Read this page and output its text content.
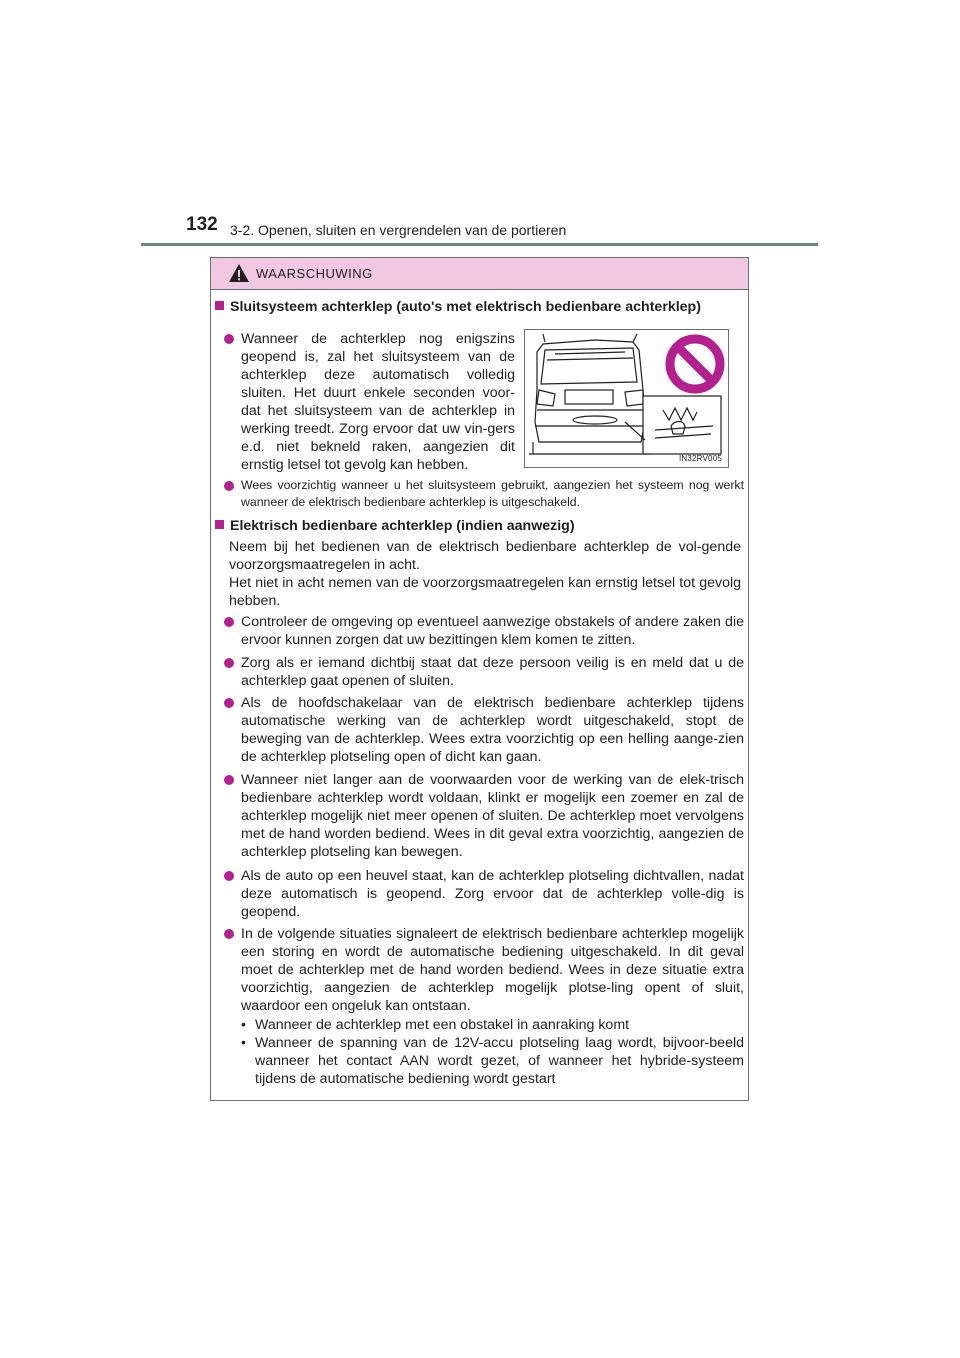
132 3-2. Openen, sluiten en vergrendelen van de portieren
WAARSCHUWING
Sluitsysteem achterklep (auto's met elektrisch bedienbare achterklep)
Wanneer de achterklep nog enigszins geopend is, zal het sluitsysteem van de achterklep deze automatisch volledig sluiten. Het duurt enkele seconden voor-dat het sluitsysteem van de achterklep in werking treedt. Zorg ervoor dat uw vin-gers e.d. niet bekneld raken, aangezien dit ernstig letsel tot gevolg kan hebben.	IN32RV005
Wees voorzichtig wanneer u het sluitsysteem gebruikt, aangezien het systeem nog werkt wanneer de elektrisch bedienbare achterklep is uitgeschakeld.
Elektrisch bedienbare achterklep (indien aanwezig)
Neem bij het bedienen van de elektrisch bedienbare achterklep de vol-gende voorzorgsmaatregelen in acht.
Het niet in acht nemen van de voorzorgsmaatregelen kan ernstig letsel tot gevolg hebben.
Controleer de omgeving op eventueel aanwezige obstakels of andere zaken die ervoor kunnen zorgen dat uw bezittingen klem komen te zitten.
Zorg als er iemand dichtbij staat dat deze persoon veilig is en meld dat u de achterklep gaat openen of sluiten.
Als de hoofdschakelaar van de elektrisch bedienbare achterklep tijdens automatische werking van de achterklep wordt uitgeschakeld, stopt de beweging van de achterklep. Wees extra voorzichtig op een helling aange-zien de achterklep plotseling open of dicht kan gaan.
Wanneer niet langer aan de voorwaarden voor de werking van de elek-trisch bedienbare achterklep wordt voldaan, klinkt er mogelijk een zoemer en zal de achterklep mogelijk niet meer openen of sluiten. De achterklep moet vervolgens met de hand worden bediend. Wees in dit geval extra voorzichtig, aangezien de achterklep plotseling kan bewegen.
Als de auto op een heuvel staat, kan de achterklep plotseling dichtvallen, nadat deze automatisch is geopend. Zorg ervoor dat de achterklep volle-dig is geopend.
In de volgende situaties signaleert de elektrisch bedienbare achterklep mogelijk een storing en wordt de automatische bediening uitgeschakeld. In dit geval moet de achterklep met de hand worden bediend. Wees in deze situatie extra voorzichtig, aangezien de achterklep mogelijk plotse-ling opent of sluit, waardoor een ongeluk kan ontstaan.
• Wanneer de achterklep met een obstakel in aanraking komt
• Wanneer de spanning van de 12V-accu plotseling laag wordt, bijvoor-beeld wanneer het contact AAN wordt gezet, of wanneer het hybride-systeem tijdens de automatische bediening wordt gestart
